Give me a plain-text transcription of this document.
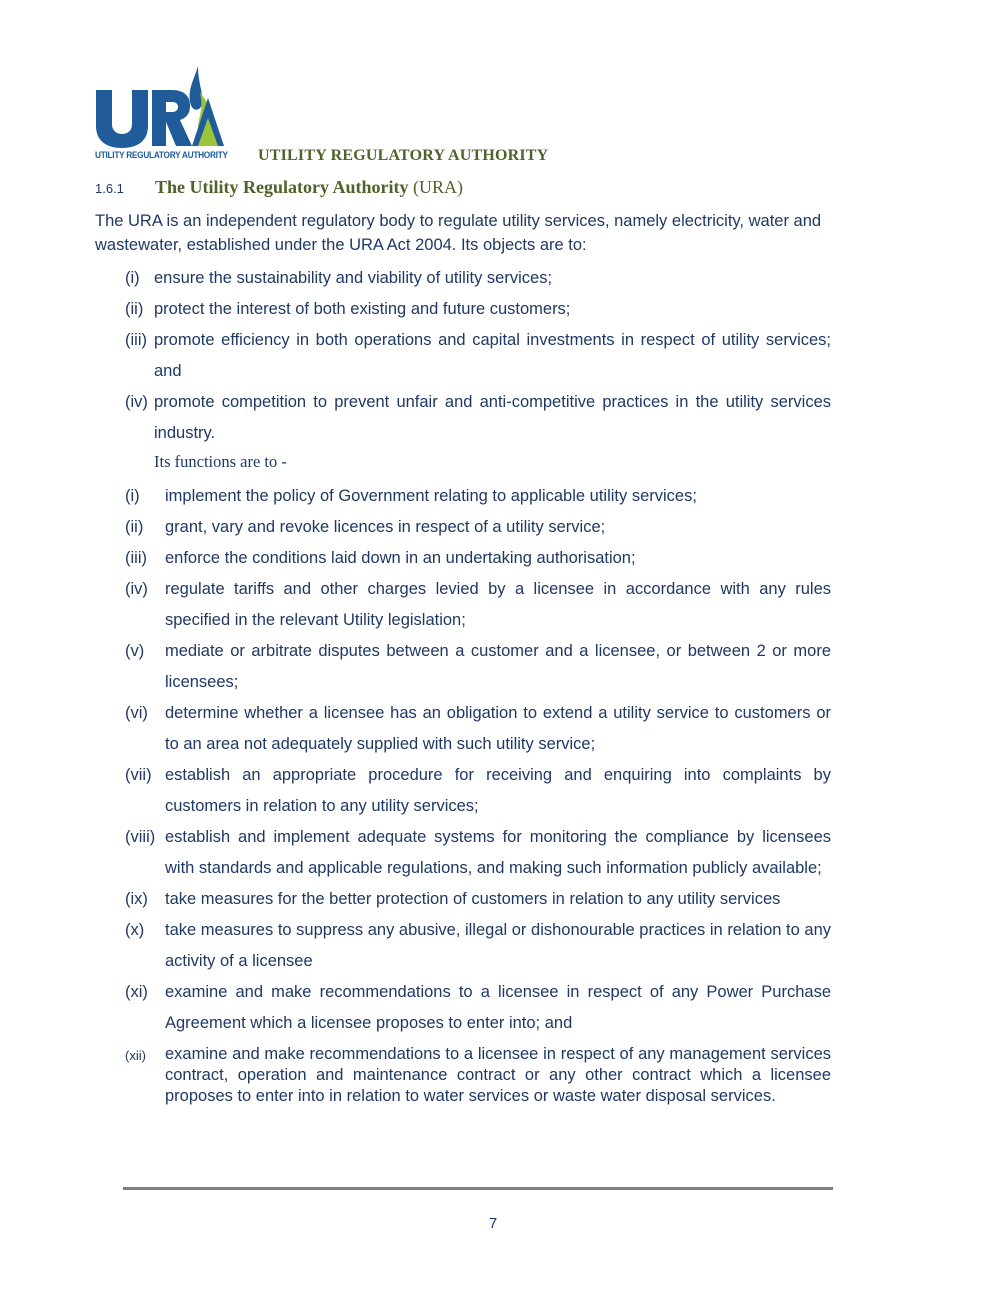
UTILITY REGULATORY AUTHORITY UTILITY REGULATORY AUTHORITY
1.6.1 The Utility Regulatory Authority (URA)

The URA is an independent regulatory body to regulate utility services, namely electricity, water and wastewater, established under the URA Act 2004. Its objects are to:

(i) ensure the sustainability and viability of utility services;
(ii) protect the interest of both existing and future customers;
(iii) promote efficiency in both operations and capital investments in respect of utility services; and
(iv) promote competition to prevent unfair and anti-competitive practices in the utility services industry.
Its functions are to -
(i) implement the policy of Government relating to applicable utility services;
(ii) grant, vary and revoke licences in respect of a utility service;
(iii) enforce the conditions laid down in an undertaking authorisation;
(iv) regulate tariffs and other charges levied by a licensee in accordance with any rules specified in the relevant Utility legislation;
(v) mediate or arbitrate disputes between a customer and a licensee, or between 2 or more licensees;
(vi) determine whether a licensee has an obligation to extend a utility service to customers or to an area not adequately supplied with such utility service;
(vii) establish an appropriate procedure for receiving and enquiring into complaints by customers in relation to any utility services;
(viii) establish and implement adequate systems for monitoring the compliance by licensees with standards and applicable regulations, and making such information publicly available;
(ix) take measures for the better protection of customers in relation to any utility services
(x) take measures to suppress any abusive, illegal or dishonourable practices in relation to any activity of a licensee
(xi) examine and make recommendations to a licensee in respect of any Power Purchase Agreement which a licensee proposes to enter into; and
(xii) examine and make recommendations to a licensee in respect of any management services contract, operation and maintenance contract or any other contract which a licensee proposes to enter into in relation to water services or waste water disposal services.
7
